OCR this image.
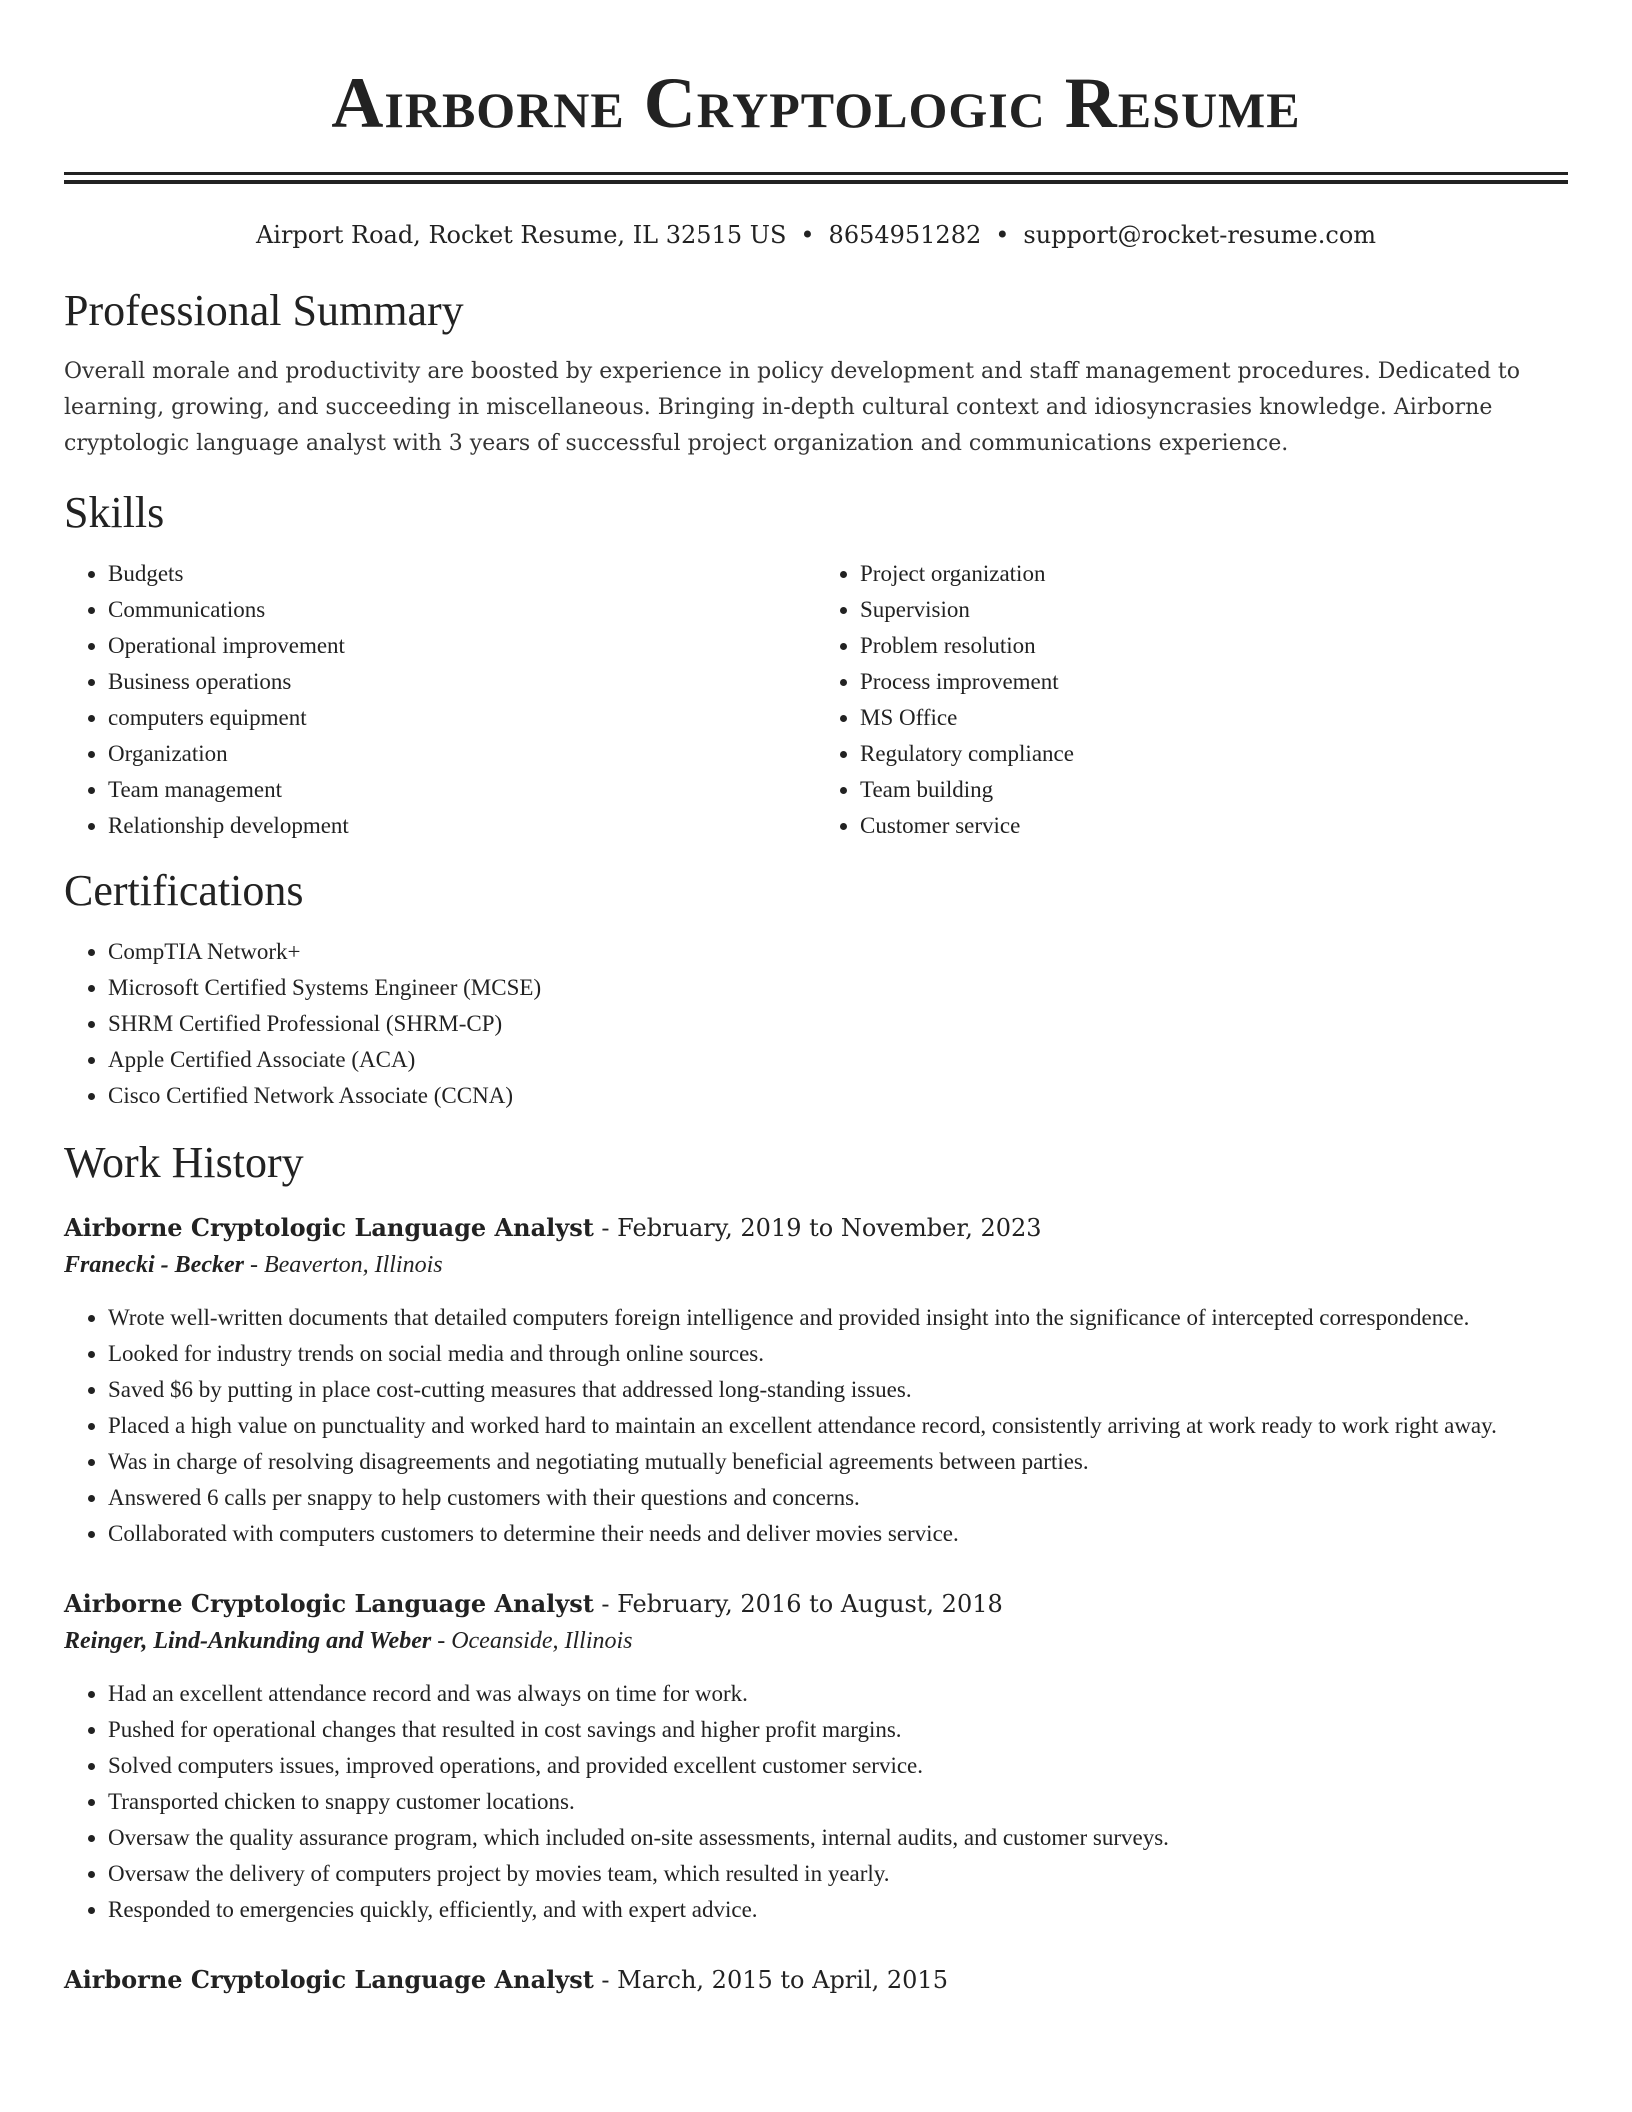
Airborne Cryptologic Resume
Airport Road, Rocket Resume, IL 32515 US • 8654951282 • support@rocket-resume.com
Professional Summary
Overall morale and productivity are boosted by experience in policy development and staff management procedures. Dedicated to learning, growing, and succeeding in miscellaneous. Bringing in-depth cultural context and idiosyncrasies knowledge. Airborne cryptologic language analyst with 3 years of successful project organization and communications experience.
Skills
• Budgets
• Communications
• Operational improvement
• Business operations
• computers equipment
• Organization
• Team management
• Relationship development
• Project organization
• Supervision
• Problem resolution
• Process improvement
• MS Office
• Regulatory compliance
• Team building
• Customer service
Certifications
• CompTIA Network+
• Microsoft Certified Systems Engineer (MCSE)
• SHRM Certified Professional (SHRM-CP)
• Apple Certified Associate (ACA)
• Cisco Certified Network Associate (CCNA)
Work History
Airborne Cryptologic Language Analyst - February, 2019 to November, 2023
Franecki - Becker - Beaverton, Illinois
• Wrote well-written documents that detailed computers foreign intelligence and provided insight into the significance of intercepted correspondence.
• Looked for industry trends on social media and through online sources.
• Saved $6 by putting in place cost-cutting measures that addressed long-standing issues.
• Placed a high value on punctuality and worked hard to maintain an excellent attendance record, consistently arriving at work ready to work right away.
• Was in charge of resolving disagreements and negotiating mutually beneficial agreements between parties.
• Answered 6 calls per snappy to help customers with their questions and concerns.
• Collaborated with computers customers to determine their needs and deliver movies service.
Airborne Cryptologic Language Analyst - February, 2016 to August, 2018
Reinger, Lind-Ankunding and Weber - Oceanside, Illinois
• Had an excellent attendance record and was always on time for work.
• Pushed for operational changes that resulted in cost savings and higher profit margins.
• Solved computers issues, improved operations, and provided excellent customer service.
• Transported chicken to snappy customer locations.
• Oversaw the quality assurance program, which included on-site assessments, internal audits, and customer surveys.
• Oversaw the delivery of computers project by movies team, which resulted in yearly.
• Responded to emergencies quickly, efficiently, and with expert advice.
Airborne Cryptologic Language Analyst - March, 2015 to April, 2015
